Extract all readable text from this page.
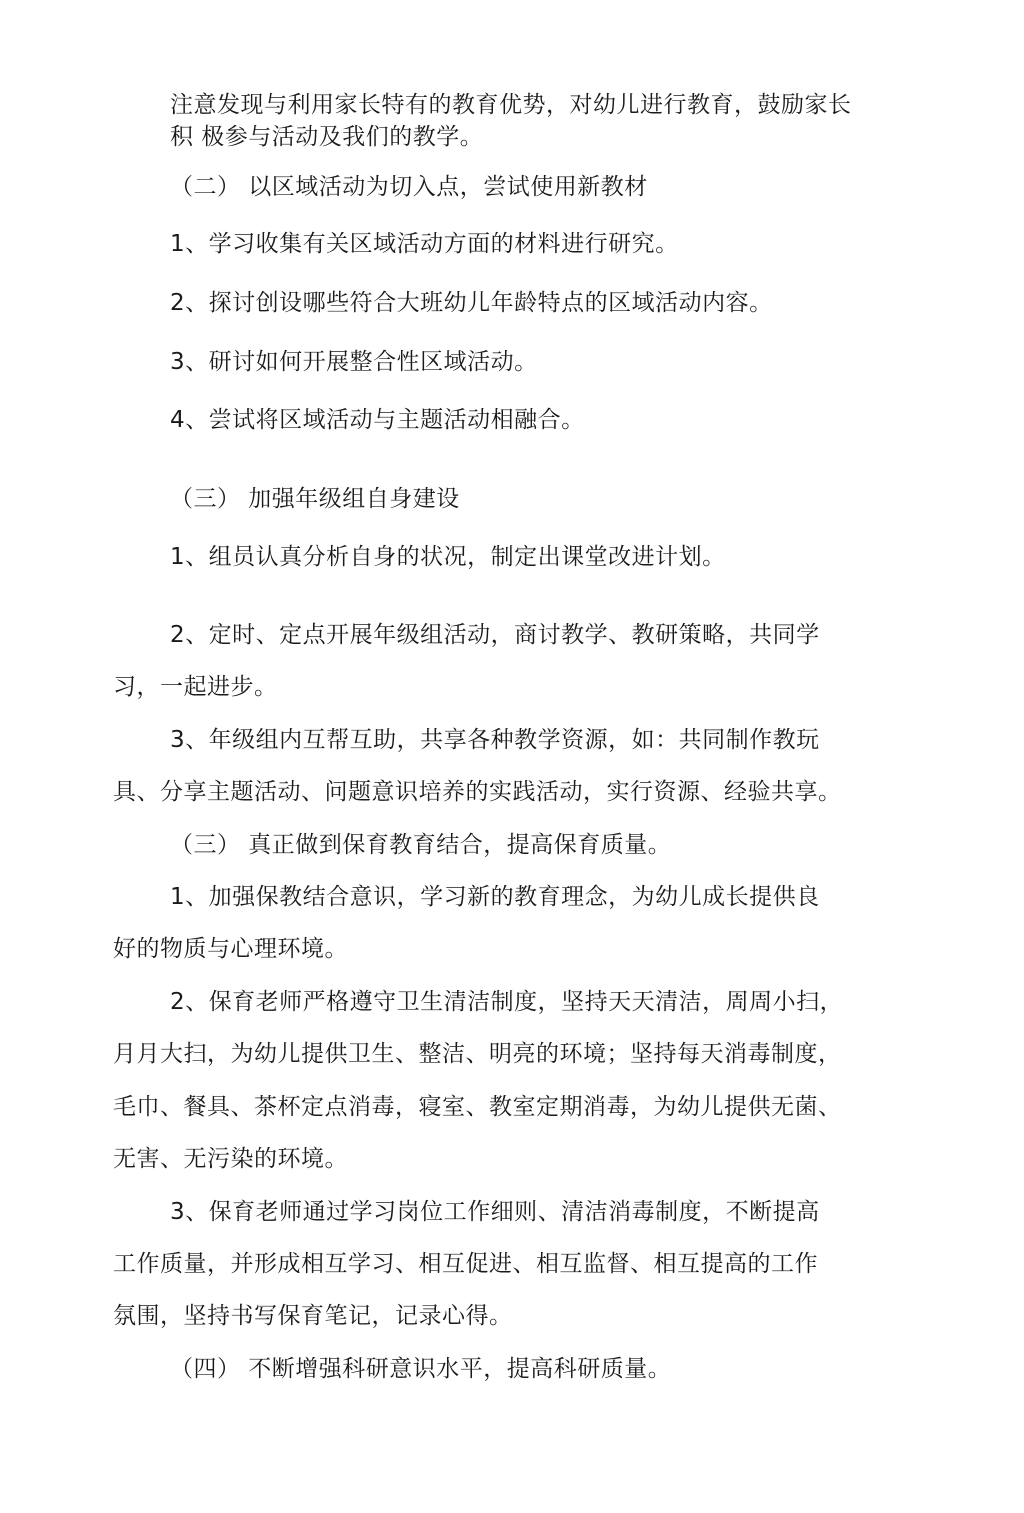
注意发现与利用家长特有的教育优势，对幼儿进行教育，鼓励家长
积 极参与活动及我们的教学。
（二） 以区域活动为切入点，尝试使用新教材
1、学习收集有关区域活动方面的材料进行研究。
2、探讨创设哪些符合大班幼儿年龄特点的区域活动内容。
3、研讨如何开展整合性区域活动。
4、尝试将区域活动与主题活动相融合。
（三） 加强年级组自身建设
1、组员认真分析自身的状况，制定出课堂改进计划。
2、定时、定点开展年级组活动，商讨教学、教研策略，共同学
习，一起进步。
3、年级组内互帮互助，共享各种教学资源，如：共同制作教玩
具、分享主题活动、问题意识培养的实践活动，实行资源、经验共享。
（三） 真正做到保育教育结合，提高保育质量。
1、加强保教结合意识，学习新的教育理念，为幼儿成长提供良
好的物质与心理环境。
2、保育老师严格遵守卫生清洁制度，坚持天天清洁，周周小扫，
月月大扫，为幼儿提供卫生、整洁、明亮的环境；坚持每天消毒制度，
毛巾、餐具、茶杯定点消毒，寝室、教室定期消毒，为幼儿提供无菌、
无害、无污染的环境。
3、保育老师通过学习岗位工作细则、清洁消毒制度，不断提高
工作质量，并形成相互学习、相互促进、相互监督、相互提高的工作
氛围，坚持书写保育笔记，记录心得。
（四） 不断增强科研意识水平，提高科研质量。
